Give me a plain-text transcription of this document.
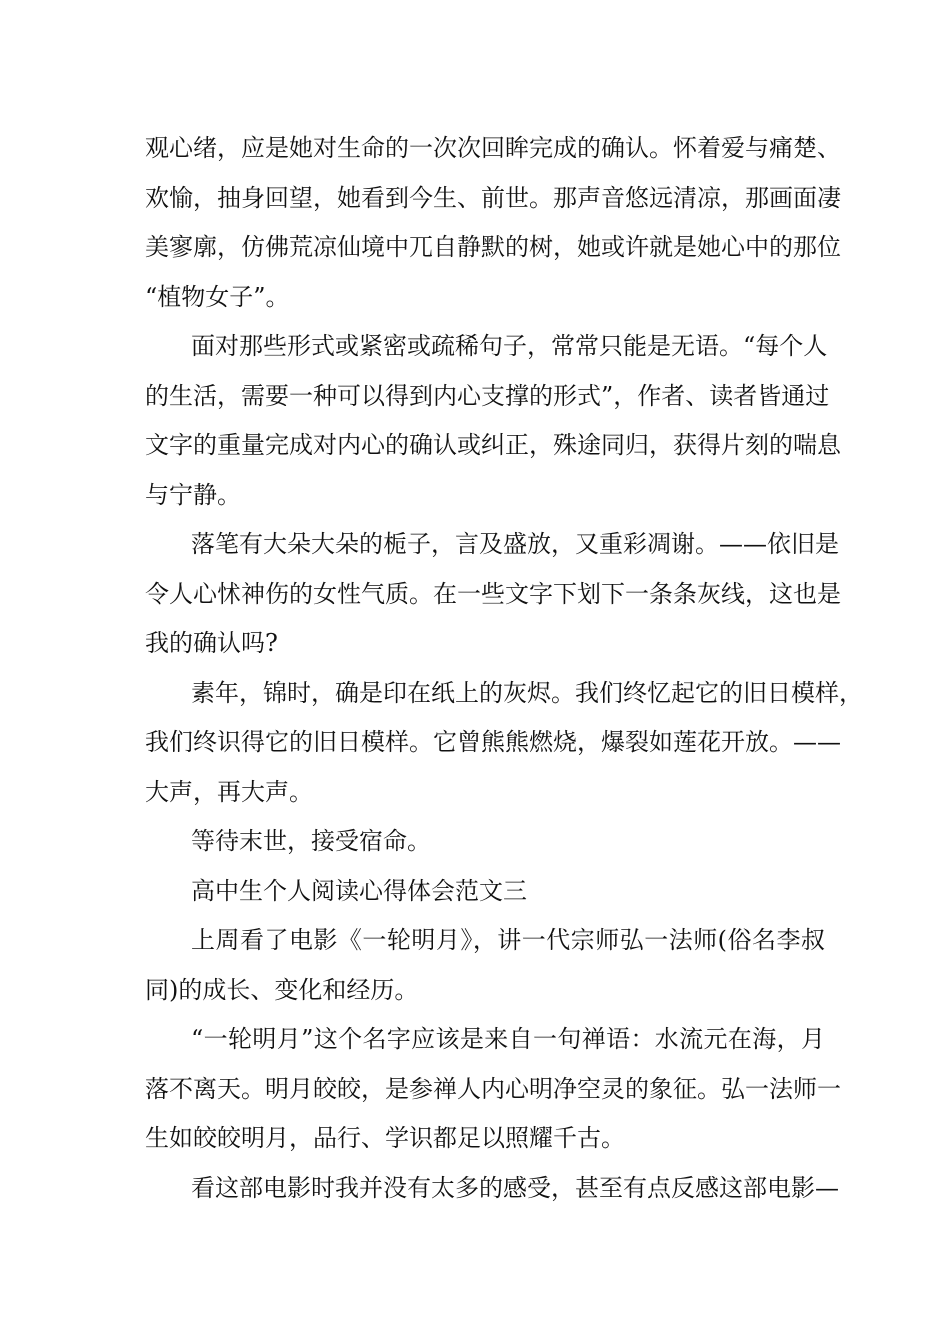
观心绪，应是她对生命的一次次回眸完成的确认。怀着爱与痛楚、
欢愉，抽身回望，她看到今生、前世。那声音悠远清凉，那画面凄
美寥廓，仿佛荒凉仙境中兀自静默的树，她或许就是她心中的那位
“植物女子”。
面对那些形式或紧密或疏稀句子，常常只能是无语。“每个人
的生活，需要一种可以得到内心支撑的形式”，作者、读者皆通过
文字的重量完成对内心的确认或纠正，殊途同归，获得片刻的喘息
与宁静。
落笔有大朵大朵的栀子，言及盛放，又重彩凋谢。——依旧是
令人心怵神伤的女性气质。在一些文字下划下一条条灰线，这也是
我的确认吗?
素年，锦时，确是印在纸上的灰烬。我们终忆起它的旧日模样，
我们终识得它的旧日模样。它曾熊熊燃烧，爆裂如莲花开放。——
大声，再大声。
等待末世，接受宿命。
高中生个人阅读心得体会范文三
上周看了电影《一轮明月》，讲一代宗师弘一法师(俗名李叔
同)的成长、变化和经历。
“一轮明月”这个名字应该是来自一句禅语：水流元在海，月
落不离天。明月皎皎，是参禅人内心明净空灵的象征。弘一法师一
生如皎皎明月，品行、学识都足以照耀千古。
看这部电影时我并没有太多的感受，甚至有点反感这部电影—
